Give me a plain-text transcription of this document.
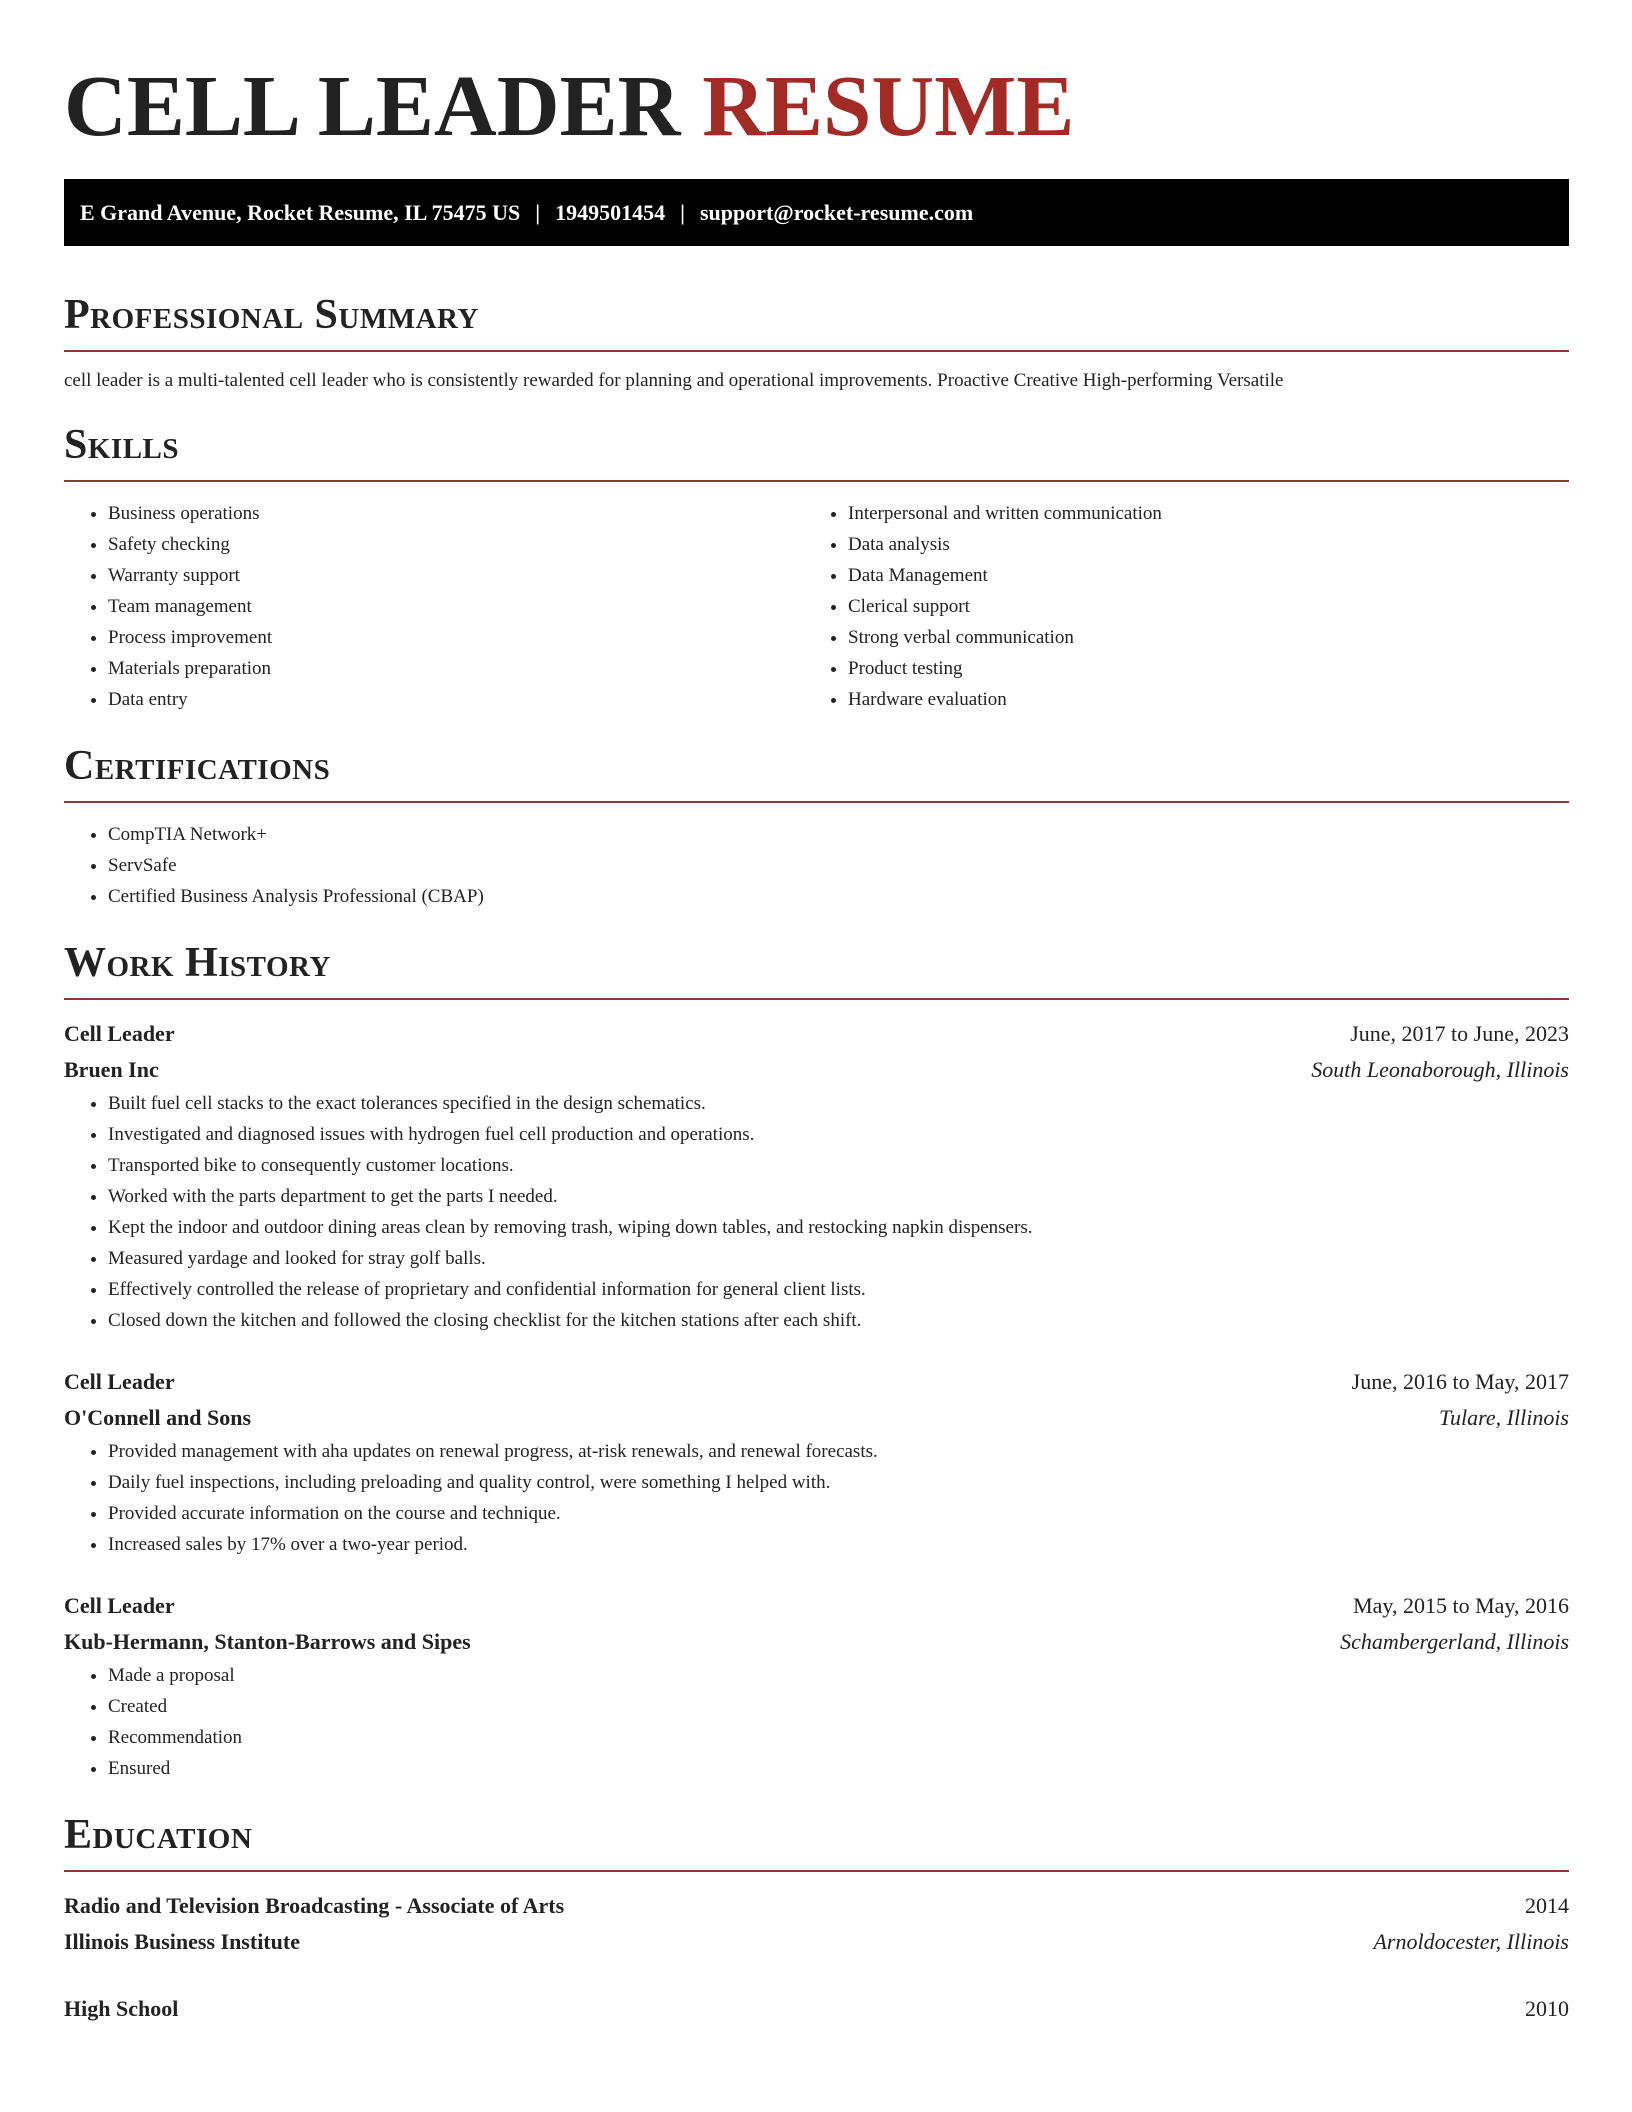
CELL LEADER RESUME
E Grand Avenue, Rocket Resume, IL 75475 US | 1949501454 | support@rocket-resume.com
Professional Summary

cell leader is a multi-talented cell leader who is consistently rewarded for planning and operational improvements. Proactive Creative High-performing Versatile

Skills
• Business operations
• Safety checking
• Warranty support
• Team management
• Process improvement
• Materials preparation
• Data entry
• Interpersonal and written communication
• Data analysis
• Data Management
• Clerical support
• Strong verbal communication
• Product testing
• Hardware evaluation
Certifications
• CompTIA Network+
• ServSafe
• Certified Business Analysis Professional (CBAP)
Work History
Cell Leader	June, 2017 to June, 2023
Bruen Inc	South Leonaborough, Illinois
• Built fuel cell stacks to the exact tolerances specified in the design schematics.
• Investigated and diagnosed issues with hydrogen fuel cell production and operations.
• Transported bike to consequently customer locations.
• Worked with the parts department to get the parts I needed.
• Kept the indoor and outdoor dining areas clean by removing trash, wiping down tables, and restocking napkin dispensers.
• Measured yardage and looked for stray golf balls.
• Effectively controlled the release of proprietary and confidential information for general client lists.
• Closed down the kitchen and followed the closing checklist for the kitchen stations after each shift.
Cell Leader	June, 2016 to May, 2017
O'Connell and Sons	Tulare, Illinois
• Provided management with aha updates on renewal progress, at-risk renewals, and renewal forecasts.
• Daily fuel inspections, including preloading and quality control, were something I helped with.
• Provided accurate information on the course and technique.
• Increased sales by 17% over a two-year period.
Cell Leader	May, 2015 to May, 2016
Kub-Hermann, Stanton-Barrows and Sipes	Schambergerland, Illinois
• Made a proposal
• Created
• Recommendation
• Ensured
Education
Radio and Television Broadcasting - Associate of Arts	2014
Illinois Business Institute	Arnoldocester, Illinois
High School	2010
